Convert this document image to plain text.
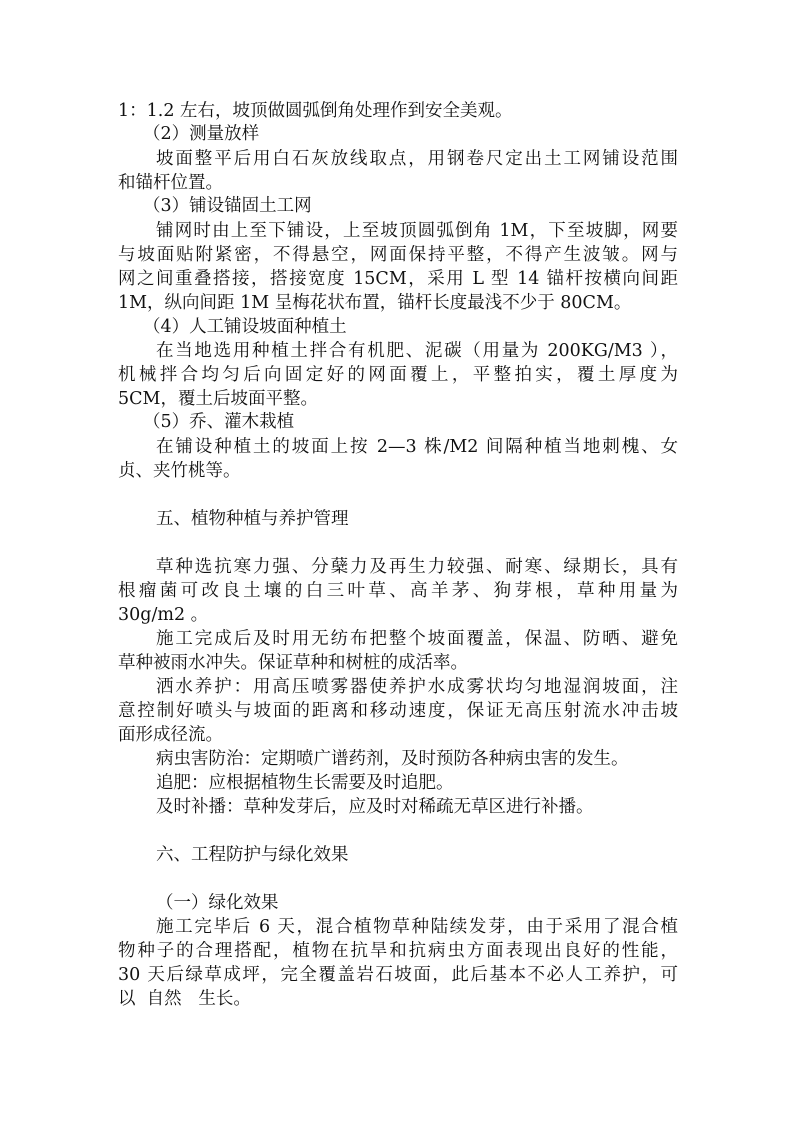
1：1.2 左右，坡顶做圆弧倒角处理作到安全美观。
（2）测量放样
坡面整平后用白石灰放线取点，用钢卷尺定出土工网铺设范围
和锚杆位置。
（3）铺设锚固土工网
铺网时由上至下铺设，上至坡顶圆弧倒角 1M，下至坡脚，网要
与坡面贴附紧密，不得悬空，网面保持平整，不得产生波皱。网与
网之间重叠搭接，搭接宽度 15CM，采用 L 型 14 锚杆按横向间距
1M，纵向间距 1M 呈梅花状布置，锚杆长度最浅不少于 80CM。
（4）人工铺设坡面种植土
在当地选用种植土拌合有机肥、泥碳（用量为 200KG/M3 ），
机械拌合均匀后向固定好的网面覆上，平整拍实，覆土厚度为
5CM，覆土后坡面平整。
（5）乔、灌木栽植
在铺设种植土的坡面上按 2—3 株/M2 间隔种植当地刺槐、女
贞、夹竹桃等。
五、植物种植与养护管理
草种选抗寒力强、分蘖力及再生力较强、耐寒、绿期长，具有
根瘤菌可改良土壤的白三叶草、高羊茅、狗芽根，草种用量为
30g/m2 。
施工完成后及时用无纺布把整个坡面覆盖，保温、防晒、避免
草种被雨水冲失。保证草种和树桩的成活率。
洒水养护：用高压喷雾器使养护水成雾状均匀地湿润坡面，注
意控制好喷头与坡面的距离和移动速度，保证无高压射流水冲击坡
面形成径流。
病虫害防治：定期喷广谱药剂，及时预防各种病虫害的发生。
追肥：应根据植物生长需要及时追肥。
及时补播：草种发芽后，应及时对稀疏无草区进行补播。
六、工程防护与绿化效果
（一）绿化效果
施工完毕后 6 天，混合植物草种陆续发芽，由于采用了混合植
物种子的合理搭配，植物在抗旱和抗病虫方面表现出良好的性能，
30 天后绿草成坪，完全覆盖岩石坡面，此后基本不必人工养护，可
以  自然   生长。
